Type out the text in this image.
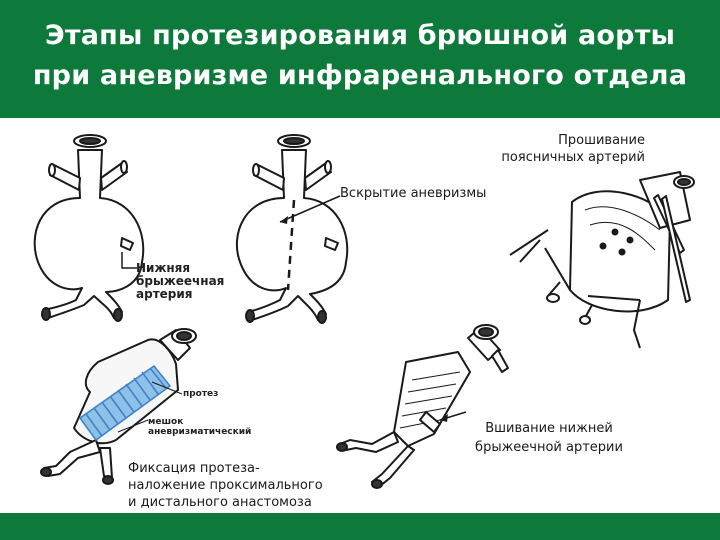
Этапы протезирования брюшной аорты
при аневризме инфраренального отдела
Прошивание
поясничных артерий
Вскрытие аневризмы
Нижняя
брыжеечная
артерия
протез
мешок
аневризматический
Фиксация протеза-
наложение проксимального
и дистального анастомоза
Вшивание нижней
брыжеечной артерии
